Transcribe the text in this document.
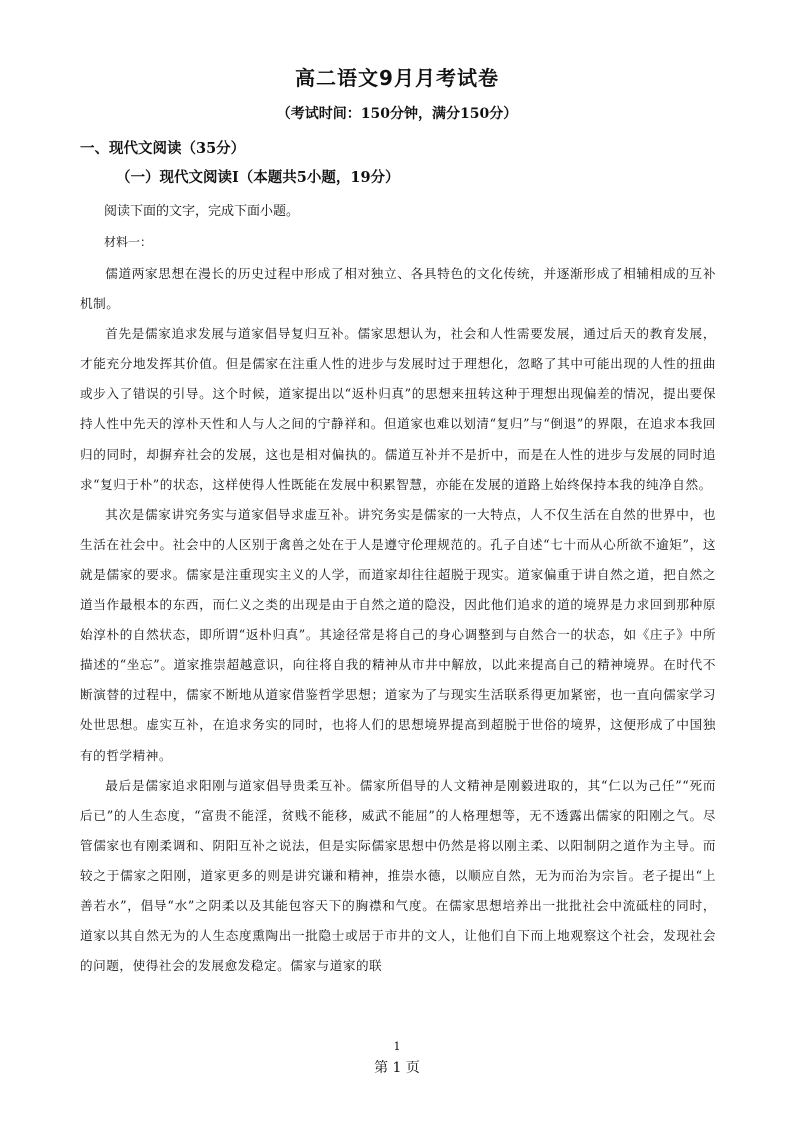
高二语文9月月考试卷
（考试时间：150分钟，满分150分）
一、现代文阅读（35分）
（一）现代文阅读Ⅰ（本题共5小题，19分）
阅读下面的文字，完成下面小题。
材料一：

儒道两家思想在漫长的历史过程中形成了相对独立、各具特色的文化传统，并逐渐形成了相辅相成的互补机制。

首先是儒家追求发展与道家倡导复归互补。儒家思想认为，社会和人性需要发展，通过后天的教育发展，才能充分地发挥其价值。但是儒家在注重人性的进步与发展时过于理想化，忽略了其中可能出现的人性的扭曲或步入了错误的引导。这个时候，道家提出以“返朴归真”的思想来扭转这种于理想出现偏差的情况，提出要保持人性中先天的淳朴天性和人与人之间的宁静祥和。但道家也难以划清“复归”与“倒退”的界限，在追求本我回归的同时，却摒弃社会的发展，这也是相对偏执的。儒道互补并不是折中，而是在人性的进步与发展的同时追求“复归于朴”的状态，这样使得人性既能在发展中积累智慧，亦能在发展的道路上始终保持本我的纯净自然。

其次是儒家讲究务实与道家倡导求虚互补。讲究务实是儒家的一大特点，人不仅生活在自然的世界中，也生活在社会中。社会中的人区别于禽兽之处在于人是遵守伦理规范的。孔子自述“七十而从心所欲不逾矩”，这就是儒家的要求。儒家是注重现实主义的人学，而道家却往往超脱于现实。道家偏重于讲自然之道，把自然之道当作最根本的东西，而仁义之类的出现是由于自然之道的隐没，因此他们追求的道的境界是力求回到那种原始淳朴的自然状态，即所谓“返朴归真”。其途径常是将自己的身心调整到与自然合一的状态，如《庄子》中所描述的“坐忘”。道家推崇超越意识，向往将自我的精神从市井中解放，以此来提高自己的精神境界。在时代不断演替的过程中，儒家不断地从道家借鉴哲学思想；道家为了与现实生活联系得更加紧密，也一直向儒家学习处世思想。虚实互补，在追求务实的同时，也将人们的思想境界提高到超脱于世俗的境界，这便形成了中国独有的哲学精神。

最后是儒家追求阳刚与道家倡导贵柔互补。儒家所倡导的人文精神是刚毅进取的，其“仁以为己任”“死而后已”的人生态度，“富贵不能淫，贫贱不能移，威武不能屈”的人格理想等，无不透露出儒家的阳刚之气。尽管儒家也有刚柔调和、阴阳互补之说法，但是实际儒家思想中仍然是将以刚主柔、以阳制阴之道作为主导。而较之于儒家之阳刚，道家更多的则是讲究谦和精神，推崇水德，以顺应自然，无为而治为宗旨。老子提出“上善若水”，倡导“水”之阴柔以及其能包容天下的胸襟和气度。在儒家思想培养出一批批社会中流砥柱的同时，道家以其自然无为的人生态度熏陶出一批隐士或居于市井的文人，让他们自下而上地观察这个社会，发现社会的问题，使得社会的发展愈发稳定。儒家与道家的联

1
第 1 页
